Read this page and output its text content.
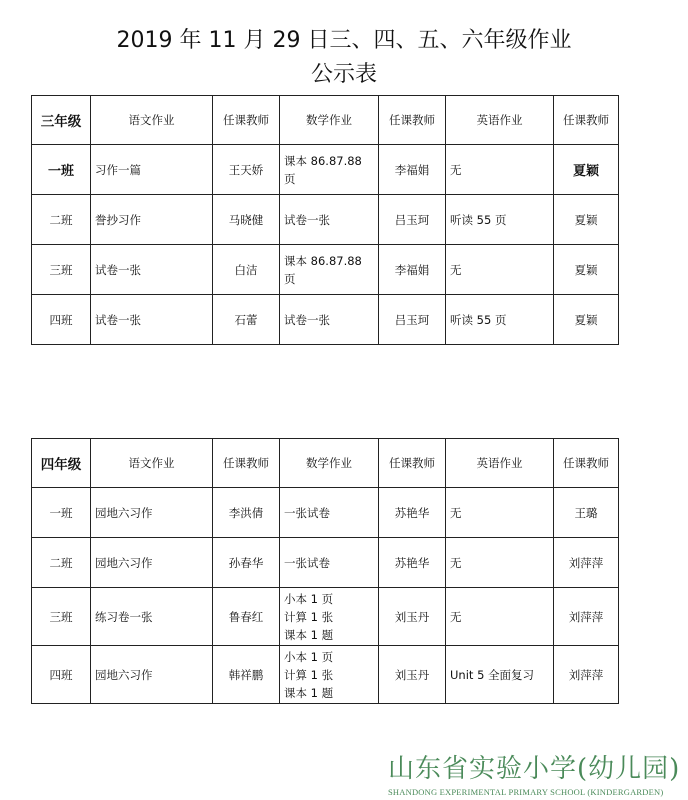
2019 年 11 月 29 日三、四、五、六年级作业
公示表
三年级	语文作业	任课教师	数学作业	任课教师	英语作业	任课教师
一班	习作一篇	王天娇	课本 86.87.88
页	李福娟	无	夏颖
二班	誊抄习作	马晓健	试卷一张	吕玉珂	听读 55 页	夏颖
三班	试卷一张	白洁	课本 86.87.88
页	李福娟	无	夏颖
四班	试卷一张	石蕾	试卷一张	吕玉珂	听读 55 页	夏颖
四年级	语文作业	任课教师	数学作业	任课教师	英语作业	任课教师
一班	园地六习作	李洪倩	一张试卷	苏艳华	无	王璐
二班	园地六习作	孙春华	一张试卷	苏艳华	无	刘萍萍
三班	练习卷一张	鲁春红	小本 1 页
计算 1 张
课本 1 题	刘玉丹	无	刘萍萍
四班	园地六习作	韩祥鹏	小本 1 页
计算 1 张
课本 1 题	刘玉丹	Unit 5 全面复习	刘萍萍
山东省实验小学(幼儿园)
SHANDONG EXPERIMENTAL PRIMARY SCHOOL (KINDERGARDEN)
